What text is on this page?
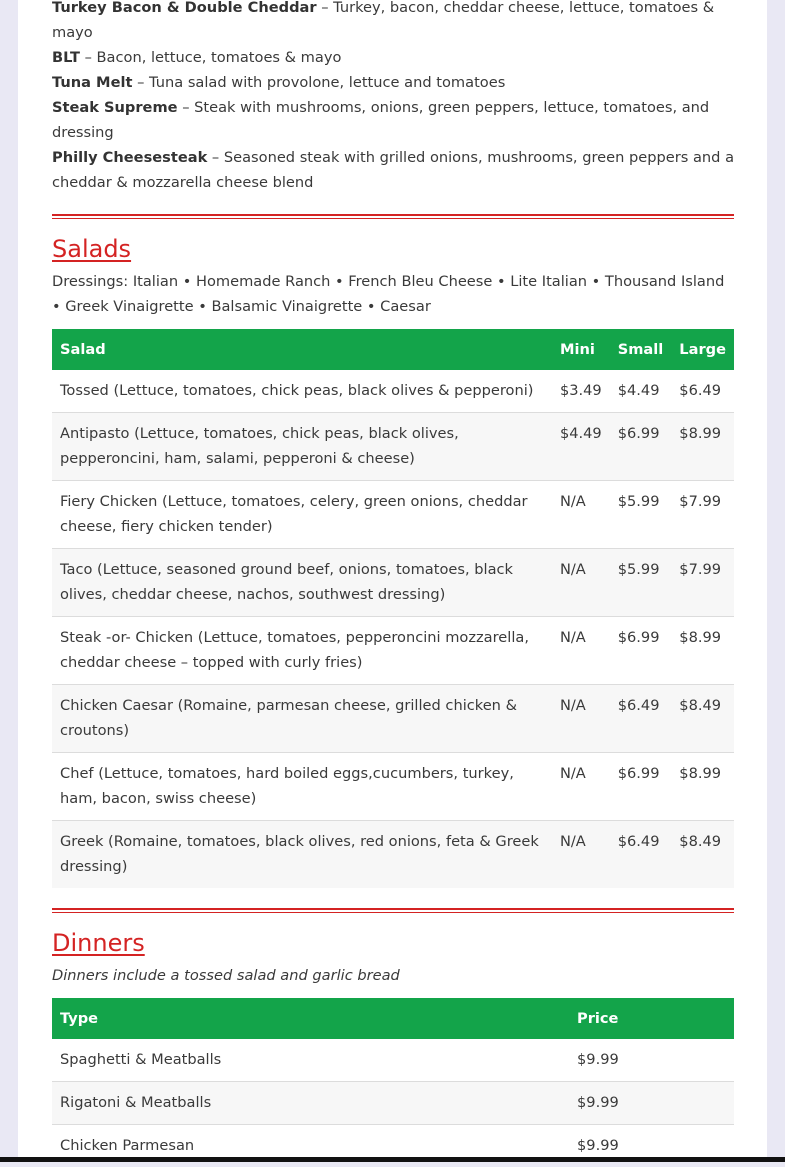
Turkey Bacon & Double Cheddar – Turkey, bacon, cheddar cheese, lettuce, tomatoes & mayo
BLT – Bacon, lettuce, tomatoes & mayo
Tuna Melt – Tuna salad with provolone, lettuce and tomatoes
Steak Supreme – Steak with mushrooms, onions, green peppers, lettuce, tomatoes, and dressing
Philly Cheesesteak – Seasoned steak with grilled onions, mushrooms, green peppers and a cheddar & mozzarella cheese blend
Salads

Dressings: Italian • Homemade Ranch • French Bleu Cheese • Lite Italian • Thousand Island • Greek Vinaigrette • Balsamic Vinaigrette • Caesar

Salad	Mini	Small	Large
Tossed (Lettuce, tomatoes, chick peas, black olives & pepperoni)	$3.49	$4.49	$6.49
Antipasto (Lettuce, tomatoes, chick peas, black olives, pepperoncini, ham, salami, pepperoni & cheese)	$4.49	$6.99	$8.99
Fiery Chicken (Lettuce, tomatoes, celery, green onions, cheddar cheese, fiery chicken tender)	N/A	$5.99	$7.99
Taco (Lettuce, seasoned ground beef, onions, tomatoes, black olives, cheddar cheese, nachos, southwest dressing)	N/A	$5.99	$7.99
Steak -or- Chicken (Lettuce, tomatoes, pepperoncini mozzarella, cheddar cheese – topped with curly fries)	N/A	$6.99	$8.99
Chicken Caesar (Romaine, parmesan cheese, grilled chicken & croutons)	N/A	$6.49	$8.49
Chef (Lettuce, tomatoes, hard boiled eggs,cucumbers, turkey, ham, bacon, swiss cheese)	N/A	$6.99	$8.99
Greek (Romaine, tomatoes, black olives, red onions, feta & Greek dressing)	N/A	$6.49	$8.49
Dinners

Dinners include a tossed salad and garlic bread

Type	Price
Spaghetti & Meatballs	$9.99
Rigatoni & Meatballs	$9.99
Chicken Parmesan	$9.99
